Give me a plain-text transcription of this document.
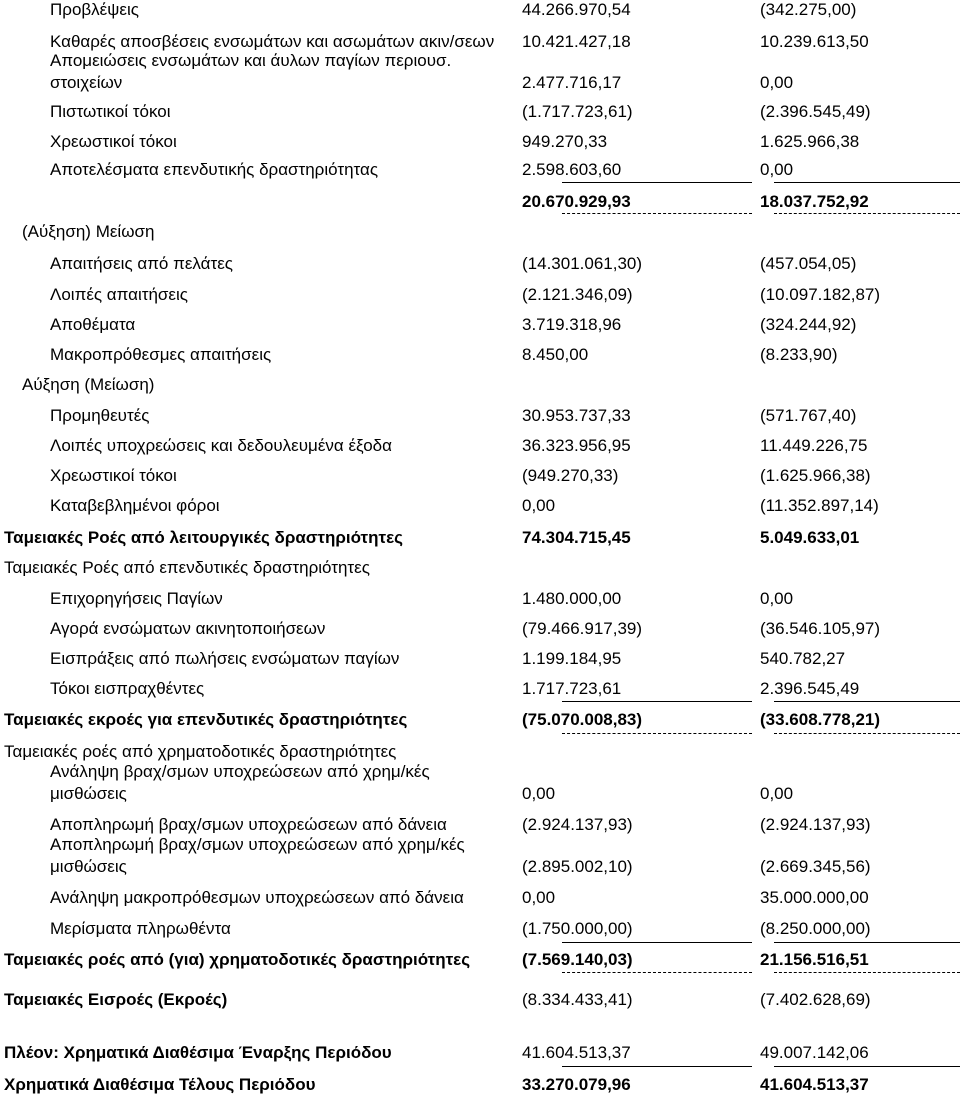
Προβλέψεις	44.266.970,54	(342.275,00)
Καθαρές αποσβέσεις ενσωμάτων και ασωμάτων ακιν/σεων 10.421.427,18	10.239.613,50
Απομειώσεις ενσωμάτων και άυλων παγίων περιουσ.
στοιχείων	2.477.716,17	0,00
Πιστωτικοί τόκοι	(1.717.723,61)	(2.396.545,49)
Χρεωστικοί τόκοι	949.270,33	1.625.966,38
Αποτελέσματα επενδυτικής δραστηριότητας	2.598.603,60	0,00
20.670.929,93	18.037.752,92
(Αύξηση) Μείωση
Απαιτήσεις από πελάτες	(14.301.061,30)	(457.054,05)
Λοιπές απαιτήσεις	(2.121.346,09)	(10.097.182,87)
Αποθέματα	3.719.318,96	(324.244,92)
Μακροπρόθεσμες απαιτήσεις	8.450,00	(8.233,90)
Αύξηση (Μείωση)
Προμηθευτές	30.953.737,33	(571.767,40)
Λοιπές υποχρεώσεις και δεδουλευμένα έξοδα	36.323.956,95	11.449.226,75
Χρεωστικοί τόκοι	(949.270,33)	(1.625.966,38)
Καταβεβλημένοι φόροι	0,00	(11.352.897,14)
Ταμειακές Ροές από λειτουργικές δραστηριότητες	74.304.715,45	5.049.633,01
Ταμειακές Ροές από επενδυτικές δραστηριότητες
Επιχορηγήσεις Παγίων	1.480.000,00	0,00
Αγορά ενσώματων ακινητοποιήσεων	(79.466.917,39)	(36.546.105,97)
Εισπράξεις από πωλήσεις ενσώματων παγίων	1.199.184,95	540.782,27
Τόκοι εισπραχθέντες	1.717.723,61	2.396.545,49
Ταμειακές εκροές για επενδυτικές δραστηριότητες	(75.070.008,83)	(33.608.778,21)
Ταμειακές ροές από χρηματοδοτικές δραστηριότητες
Ανάληψη βραχ/σμων υποχρεώσεων από χρημ/κές
μισθώσεις	0,00	0,00
Αποπληρωμή βραχ/σμων υποχρεώσεων από δάνεια	(2.924.137,93)	(2.924.137,93)
Αποπληρωμή βραχ/σμων υποχρεώσεων από χρημ/κές
μισθώσεις	(2.895.002,10)	(2.669.345,56)
Ανάληψη μακροπρόθεσμων υποχρεώσεων από δάνεια	0,00	35.000.000,00
Μερίσματα πληρωθέντα	(1.750.000,00)	(8.250.000,00)
Ταμειακές ροές από (για) χρηματοδοτικές δραστηριότητες	(7.569.140,03)	21.156.516,51
Ταμειακές Εισροές (Εκροές)	(8.334.433,41)	(7.402.628,69)
Πλέον: Χρηματικά Διαθέσιμα Έναρξης Περιόδου	41.604.513,37	49.007.142,06
Χρηματικά Διαθέσιμα Τέλους Περιόδου	33.270.079,96	41.604.513,37
